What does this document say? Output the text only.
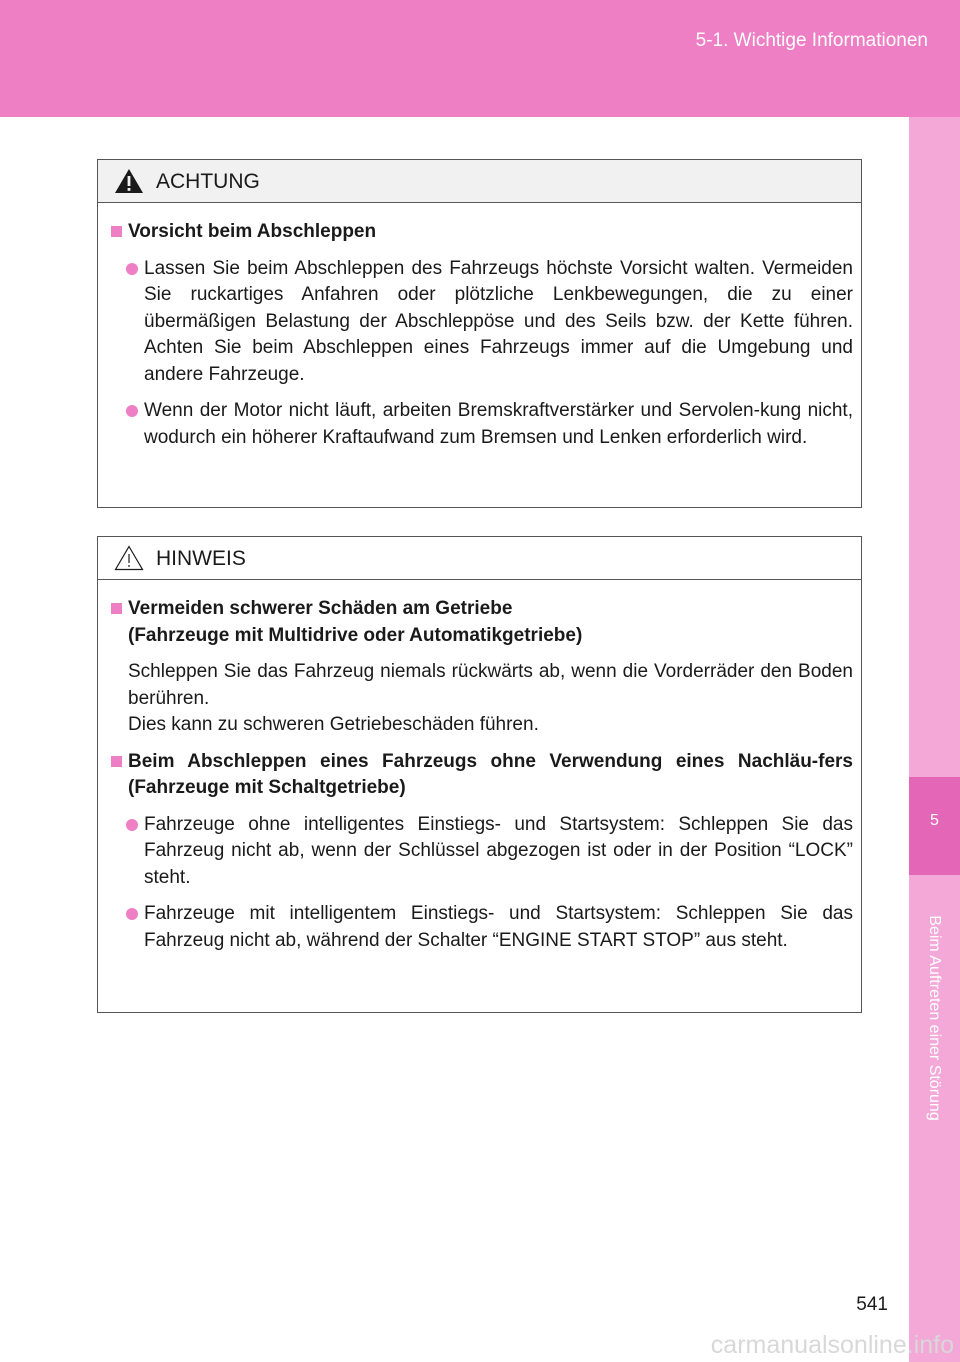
5-1. Wichtige Informationen
5
Beim Auftreten einer Störung
ACHTUNG
Vorsicht beim Abschleppen
Lassen Sie beim Abschleppen des Fahrzeugs höchste Vorsicht walten. Vermeiden Sie ruckartiges Anfahren oder plötzliche Lenkbewegungen, die zu einer übermäßigen Belastung der Abschleppöse und des Seils bzw. der Kette führen. Achten Sie beim Abschleppen eines Fahrzeugs immer auf die Umgebung und andere Fahrzeuge.
Wenn der Motor nicht läuft, arbeiten Bremskraftverstärker und Servolen-kung nicht, wodurch ein höherer Kraftaufwand zum Bremsen und Lenken erforderlich wird.
HINWEIS
Vermeiden schwerer Schäden am Getriebe
(Fahrzeuge mit Multidrive oder Automatikgetriebe)
Schleppen Sie das Fahrzeug niemals rückwärts ab, wenn die Vorderräder den Boden berühren.
Dies kann zu schweren Getriebeschäden führen.
Beim Abschleppen eines Fahrzeugs ohne Verwendung eines Nachläu-fers (Fahrzeuge mit Schaltgetriebe)
Fahrzeuge ohne intelligentes Einstiegs- und Startsystem: Schleppen Sie das Fahrzeug nicht ab, wenn der Schlüssel abgezogen ist oder in der Position “LOCK” steht.
Fahrzeuge mit intelligentem Einstiegs- und Startsystem: Schleppen Sie das Fahrzeug nicht ab, während der Schalter “ENGINE START STOP” aus steht.
541
carmanualsonline.info
